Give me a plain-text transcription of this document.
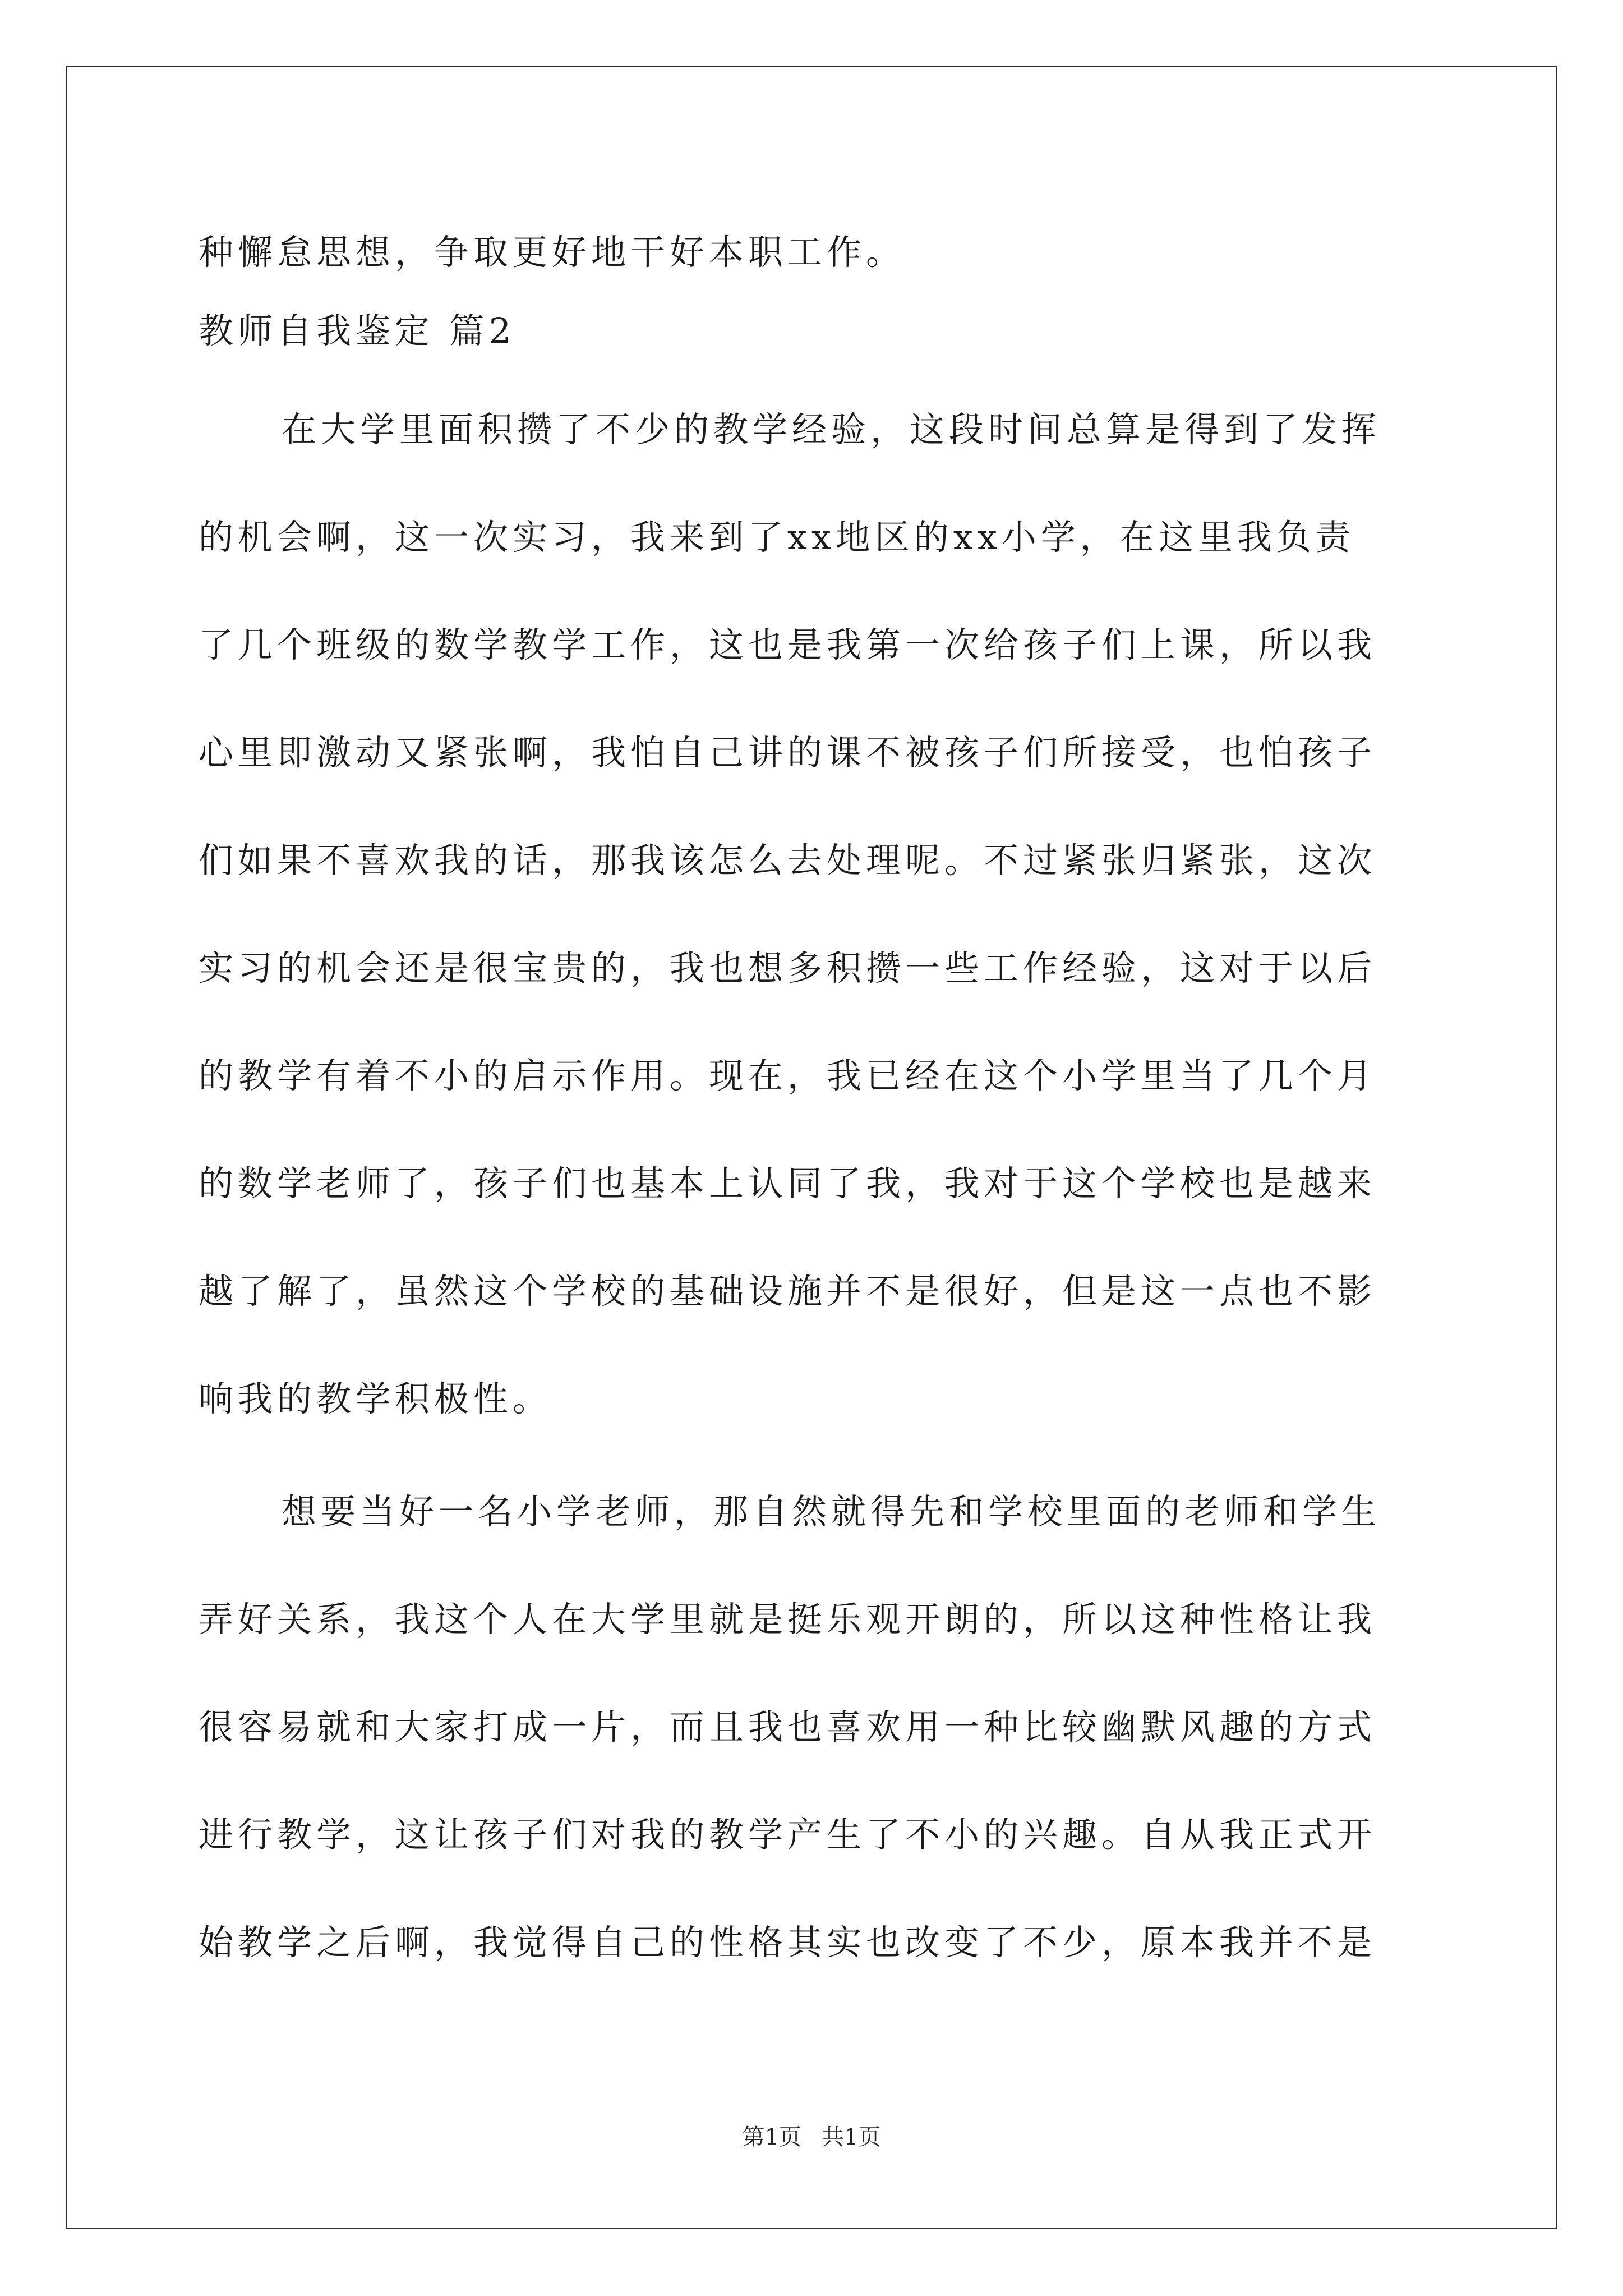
种懈怠思想，争取更好地干好本职工作。
教师自我鉴定 篇2
在大学里面积攒了不少的教学经验，这段时间总算是得到了发挥
的机会啊，这一次实习，我来到了xx地区的xx小学，在这里我负责
了几个班级的数学教学工作，这也是我第一次给孩子们上课，所以我
心里即激动又紧张啊，我怕自己讲的课不被孩子们所接受，也怕孩子
们如果不喜欢我的话，那我该怎么去处理呢。不过紧张归紧张，这次
实习的机会还是很宝贵的，我也想多积攒一些工作经验，这对于以后
的教学有着不小的启示作用。现在，我已经在这个小学里当了几个月
的数学老师了，孩子们也基本上认同了我，我对于这个学校也是越来
越了解了，虽然这个学校的基础设施并不是很好，但是这一点也不影
响我的教学积极性。
想要当好一名小学老师，那自然就得先和学校里面的老师和学生
弄好关系，我这个人在大学里就是挺乐观开朗的，所以这种性格让我
很容易就和大家打成一片，而且我也喜欢用一种比较幽默风趣的方式
进行教学，这让孩子们对我的教学产生了不小的兴趣。自从我正式开
始教学之后啊，我觉得自己的性格其实也改变了不少，原本我并不是
第1页 共1页
